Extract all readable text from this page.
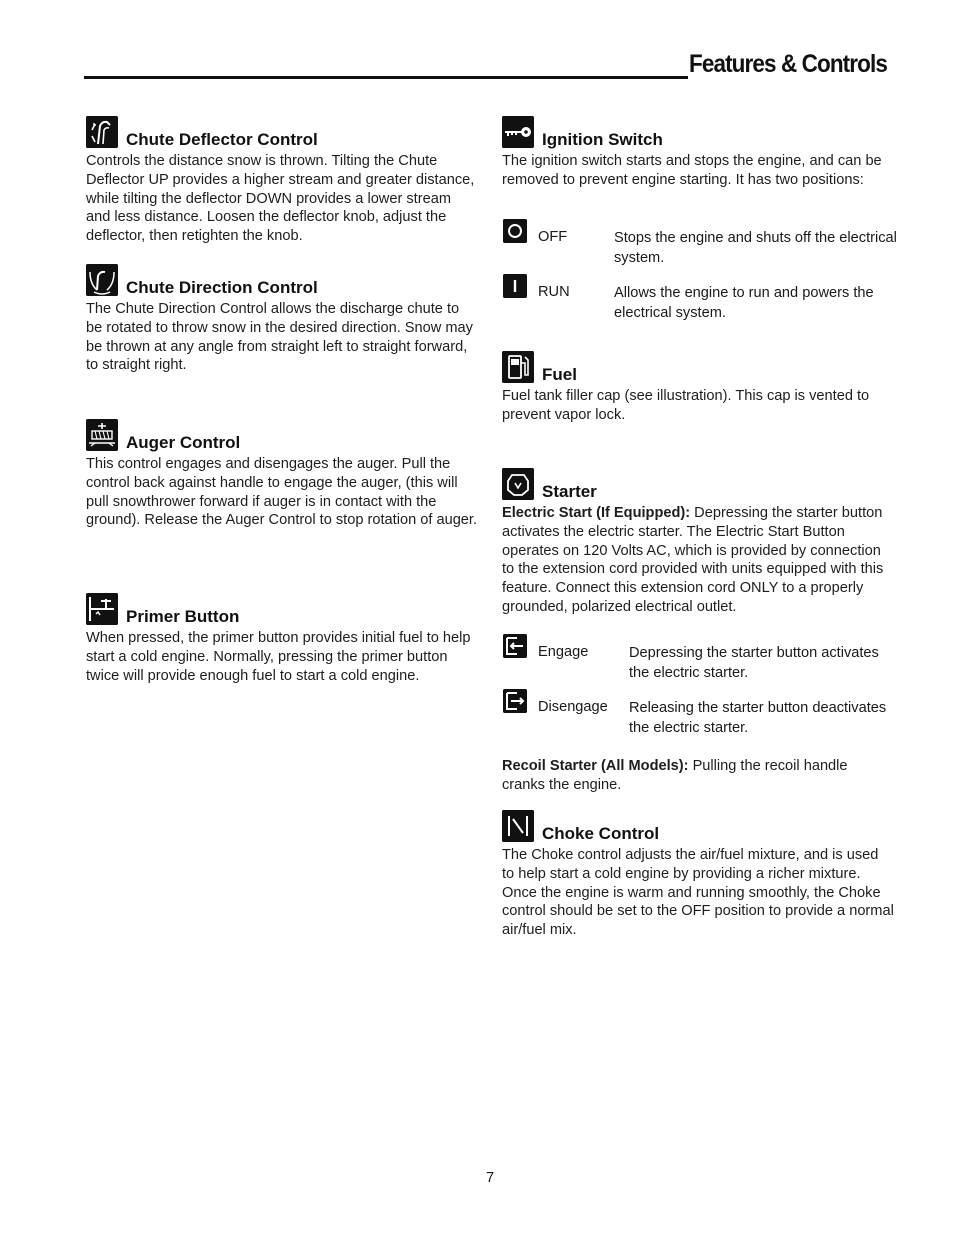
Features & Controls
Chute Deflector Control

Controls the distance snow is thrown. Tilting the Chute Deflector UP provides a higher stream and greater distance, while tilting the deflector DOWN provides a lower stream and less distance. Loosen the deflector knob, adjust the deflector, then retighten the knob.

Chute Direction Control

The Chute Direction Control allows the discharge chute to be rotated to throw snow in the desired direction. Snow may be thrown at any angle from straight left to straight forward, to straight right.

Auger Control

This control engages and disengages the auger. Pull the control back against handle to engage the auger, (this will pull snowthrower forward if auger is in contact with the ground). Release the Auger Control to stop rotation of auger.

Primer Button

When pressed, the primer button provides initial fuel to help start a cold engine. Normally, pressing the primer button twice will provide enough fuel to start a cold engine.

Ignition Switch

The ignition switch starts and stops the engine, and can be removed to prevent engine starting. It has two positions:

OFF	Stops the engine and shuts off the electrical system.
RUN	Allows the engine to run and powers the electrical system.
Fuel

Fuel tank filler cap (see illustration). This cap is vented to prevent vapor lock.

Starter

Electric Start (If Equipped): Depressing the starter button activates the electric starter. The Electric Start Button operates on 120 Volts AC, which is provided by connection to the extension cord provided with units equipped with this feature. Connect this extension cord ONLY to a properly grounded, polarized electrical outlet.

Engage	Depressing the starter button activates the electric starter.
Disengage Releasing the starter button deactivates the electric starter.

Recoil Starter (All Models): Pulling the recoil handle cranks the engine.

Choke Control

The Choke control adjusts the air/fuel mixture, and is used to help start a cold engine by providing a richer mixture. Once the engine is warm and running smoothly, the Choke control should be set to the OFF position to provide a normal air/fuel mix.

7
